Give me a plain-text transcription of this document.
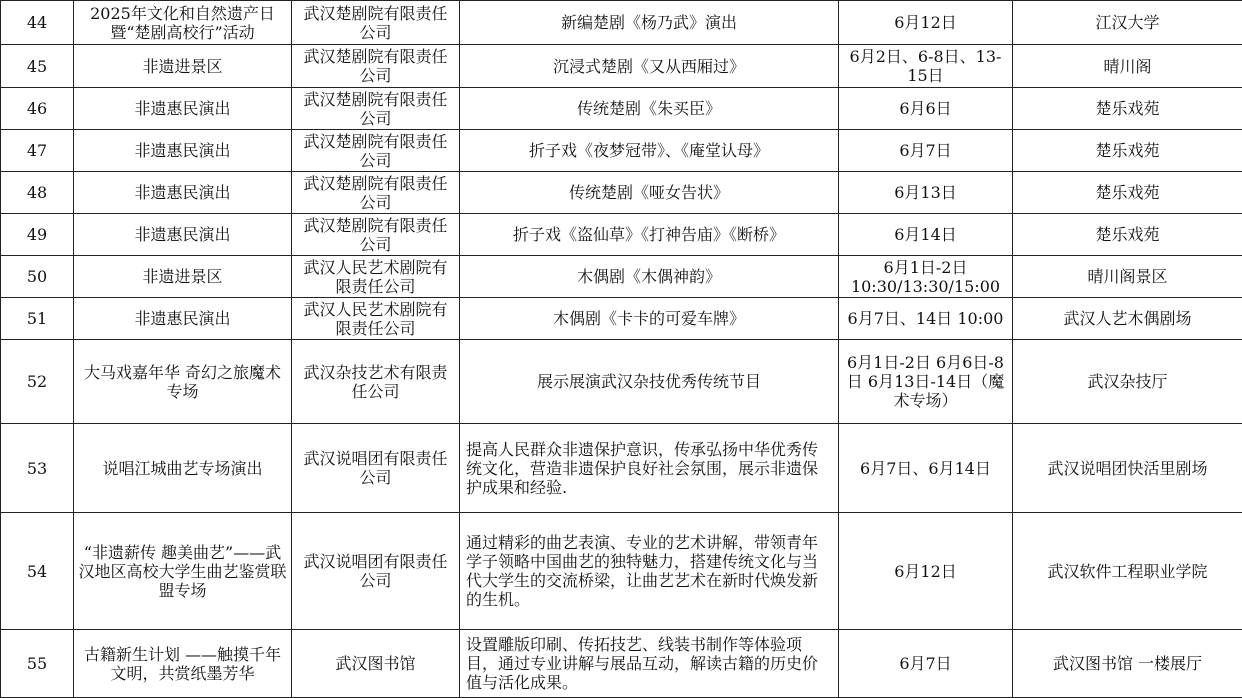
44	2025年文化和自然遗产日暨“楚剧高校行”活动	武汉楚剧院有限责任公司	新编楚剧《杨乃武》演出	6月12日	江汉大学
45	非遗进景区	武汉楚剧院有限责任公司	沉浸式楚剧《又从西厢过》	6月2日、6-8日、13-15日	晴川阁
46	非遗惠民演出	武汉楚剧院有限责任公司	传统楚剧《朱买臣》	6月6日	楚乐戏苑
47	非遗惠民演出	武汉楚剧院有限责任公司	折子戏《夜梦冠带》、《庵堂认母》	6月7日	楚乐戏苑
48	非遗惠民演出	武汉楚剧院有限责任公司	传统楚剧《哑女告状》	6月13日	楚乐戏苑
49	非遗惠民演出	武汉楚剧院有限责任公司	折子戏《盗仙草》《打神告庙》《断桥》	6月14日	楚乐戏苑
50	非遗进景区	武汉人民艺术剧院有限责任公司	木偶剧《木偶神韵》	6月1日-2日 10:30/13:30/15:00	晴川阁景区
51	非遗惠民演出	武汉人民艺术剧院有限责任公司	木偶剧《卡卡的可爱车牌》	6月7日、14日 10:00	武汉人艺木偶剧场
52	大马戏嘉年华 奇幻之旅魔术专场	武汉杂技艺术有限责任公司	展示展演武汉杂技优秀传统节目	6月1日-2日 6月6日-8日 6月13日-14日（魔术专场）	武汉杂技厅
53	说唱江城曲艺专场演出	武汉说唱团有限责任公司	提高人民群众非遗保护意识，传承弘扬中华优秀传统文化，营造非遗保护良好社会氛围，展示非遗保护成果和经验.	6月7日、6月14日	武汉说唱团快活里剧场
54	“非遗薪传 趣美曲艺”——武汉地区高校大学生曲艺鉴赏联盟专场	武汉说唱团有限责任公司	通过精彩的曲艺表演、专业的艺术讲解，带领青年学子领略中国曲艺的独特魅力，搭建传统文化与当代大学生的交流桥梁，让曲艺艺术在新时代焕发新的生机。	6月12日	武汉软件工程职业学院
55	古籍新生计划 ——触摸千年文明，共赏纸墨芳华	武汉图书馆	设置雕版印刷、传拓技艺、线装书制作等体验项目，通过专业讲解与展品互动，解读古籍的历史价值与活化成果。	6月7日	武汉图书馆 一楼展厅
